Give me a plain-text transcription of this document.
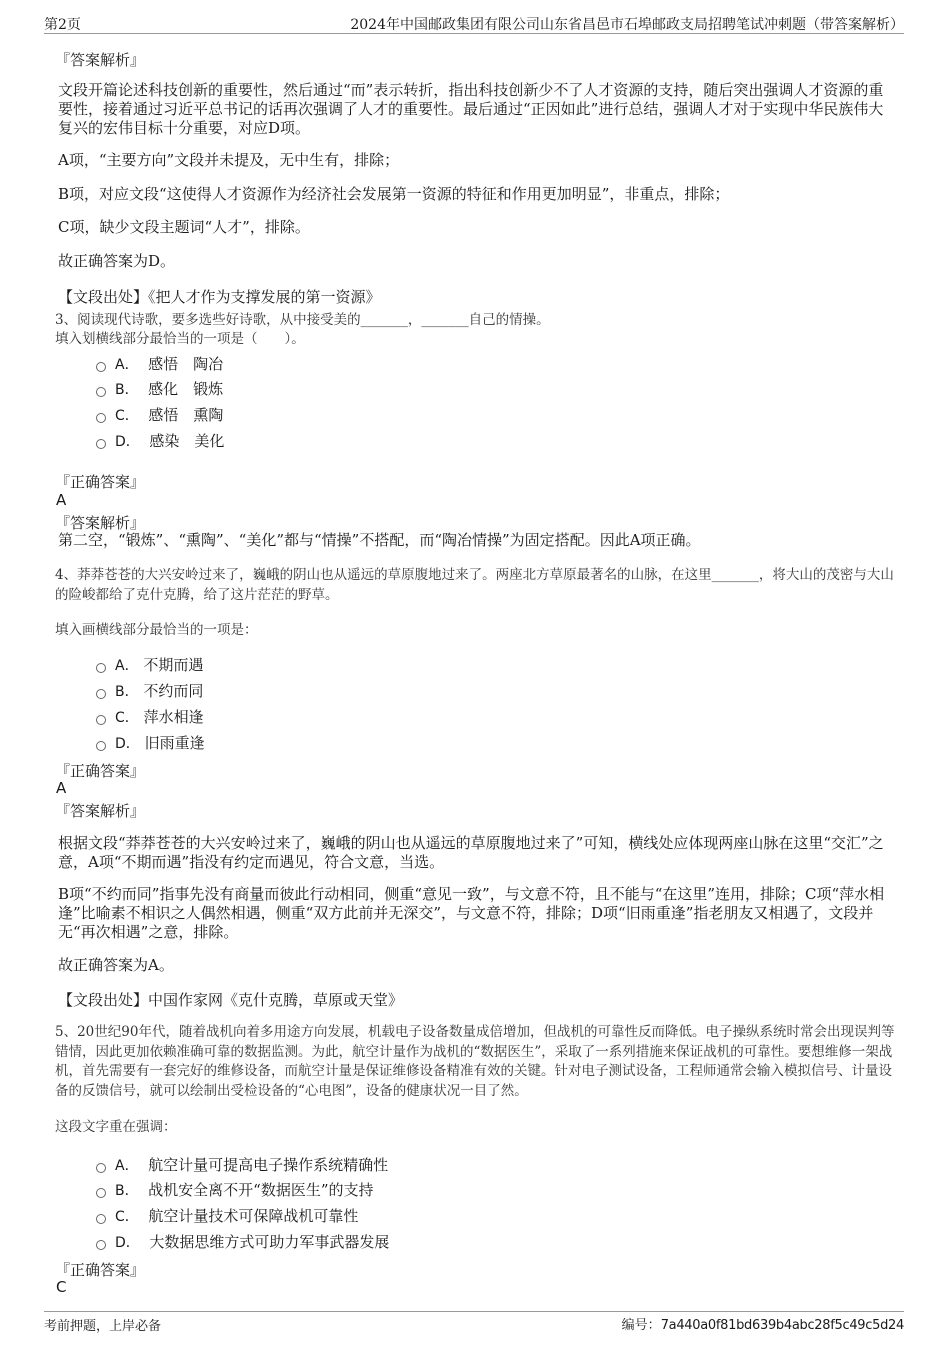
第2页	2024年中国邮政集团有限公司山东省昌邑市石埠邮政支局招聘笔试冲刺题（带答案解析）
『答案解析』

文段开篇论述科技创新的重要性，然后通过“而”表示转折，指出科技创新少不了人才资源的支持，随后突出强调人才资源的重要性，接着通过习近平总书记的话再次强调了人才的重要性。最后通过“正因如此”进行总结，强调人才对于实现中华民族伟大复兴的宏伟目标十分重要，对应D项。

A项，“主要方向”文段并未提及，无中生有，排除；

B项，对应文段“这使得人才资源作为经济社会发展第一资源的特征和作用更加明显”，非重点，排除；

C项，缺少文段主题词“人才”，排除。

故正确答案为D。

【文段出处】《把人才作为支撑发展的第一资源》

3、阅读现代诗歌，要多选些好诗歌，从中接受美的_______，_______自己的情操。

填入划横线部分最恰当的一项是（　　）。

A． 感悟　陶冶
B． 感化　锻炼
C． 感悟　熏陶
D． 感染　美化
『正确答案』
A
『答案解析』

第二空，“锻炼”、“熏陶”、“美化”都与“情操”不搭配，而“陶冶情操”为固定搭配。因此A项正确。

4、莽莽苍苍的大兴安岭过来了，巍峨的阴山也从遥远的草原腹地过来了。两座北方草原最著名的山脉，在这里_______，将大山的茂密与大山的险峻都给了克什克腾，给了这片茫茫的野草。

填入画横线部分最恰当的一项是：

A． 不期而遇
B． 不约而同
C． 萍水相逢
D． 旧雨重逢
『正确答案』
A
『答案解析』

根据文段“莽莽苍苍的大兴安岭过来了，巍峨的阴山也从遥远的草原腹地过来了”可知，横线处应体现两座山脉在这里“交汇”之意，A项“不期而遇”指没有约定而遇见，符合文意，当选。

B项“不约而同”指事先没有商量而彼此行动相同，侧重“意见一致”，与文意不符，且不能与“在这里”连用，排除；C项“萍水相逢”比喻素不相识之人偶然相遇，侧重“双方此前并无深交”，与文意不符，排除；D项“旧雨重逢”指老朋友又相遇了，文段并无“再次相遇”之意，排除。

故正确答案为A。

【文段出处】中国作家网《克什克腾，草原或天堂》

5、20世纪90年代，随着战机向着多用途方向发展，机载电子设备数量成倍增加，但战机的可靠性反而降低。电子操纵系统时常会出现误判等错情，因此更加依赖准确可靠的数据监测。为此，航空计量作为战机的“数据医生”，采取了一系列措施来保证战机的可靠性。要想维修一架战机，首先需要有一套完好的维修设备，而航空计量是保证维修设备精准有效的关键。针对电子测试设备，工程师通常会输入模拟信号、计量设备的反馈信号，就可以绘制出受检设备的“心电图”，设备的健康状况一目了然。

这段文字重在强调：

A． 航空计量可提高电子操作系统精确性
B． 战机安全离不开“数据医生”的支持
C． 航空计量技术可保障战机可靠性
D． 大数据思维方式可助力军事武器发展
『正确答案』
C
考前押题，上岸必备	编号：7a440a0f81bd639b4abc28f5c49c5d24
